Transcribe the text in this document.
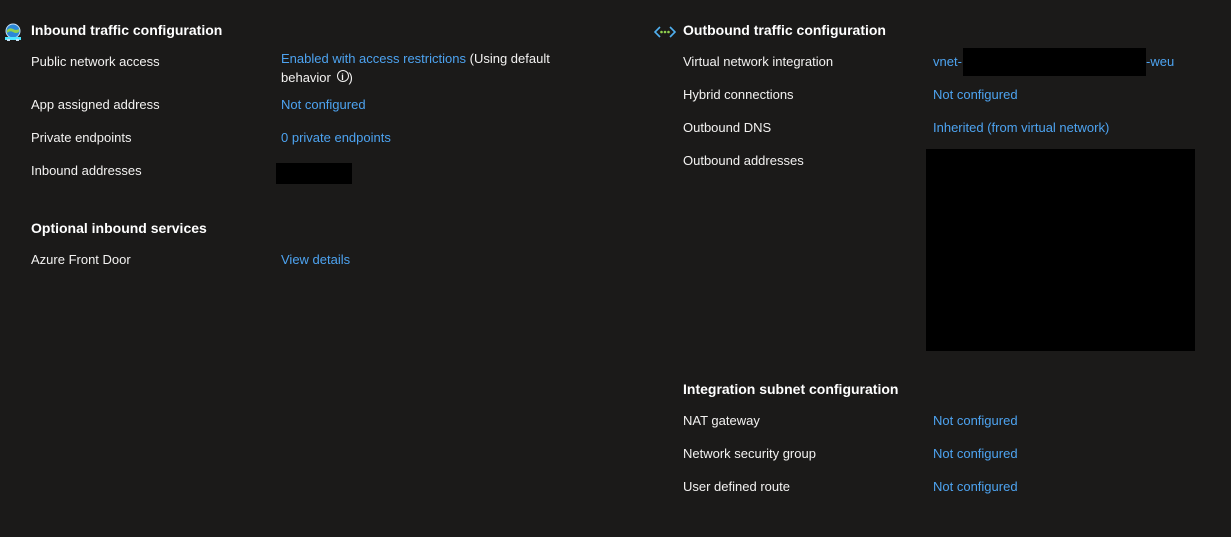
Inbound traffic configuration
Public network access	Enabled with access restrictions (Using default
behavior i )
App assigned address	Not configured
Private endpoints	0 private endpoints
Inbound addresses
Optional inbound services
Azure Front Door	View details
Outbound traffic configuration
Virtual network integration	vnet-	-weu
Hybrid connections	Not configured
Outbound DNS	Inherited (from virtual network)
Outbound addresses
Integration subnet configuration
NAT gateway	Not configured
Network security group	Not configured
User defined route	Not configured
